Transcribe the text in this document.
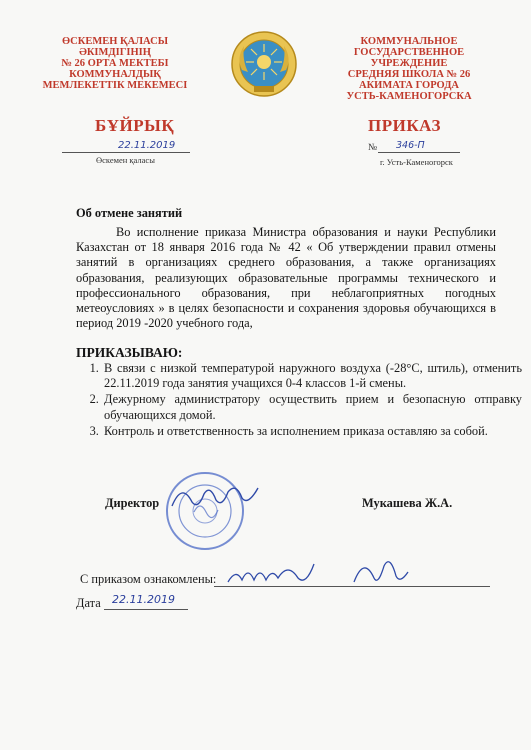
ӨСКЕМЕН ҚАЛАСЫ
ӘКІМДІГІНІҢ
№ 26 ОРТА МЕКТЕБІ
КОММУНАЛДЫҚ
МЕМЛЕКЕТТІК МЕКЕМЕСІ
КОММУНАЛЬНОЕ
ГОСУДАРСТВЕННОЕ УЧРЕЖДЕНИЕ
СРЕДНЯЯ ШКОЛА № 26
АКИМАТА ГОРОДА
УСТЬ-КАМЕНОГОРСКА
БҰЙРЫҚ	ПРИКАЗ
22.11.2019
Өскемен қаласы
№ 346-П
г. Усть-Каменогорск
Об отмене занятий
Во исполнение приказа Министра образования и науки Республики Казахстан от 18 января 2016 года № 42 « Об утверждении правил отмены занятий в организациях среднего образования, а также организациях образования, реализующих образовательные программы технического и профессионального образования, при неблагоприятных погодных метеоусловиях » в целях безопасности и сохранения здоровья обучающихся в период 2019 -2020 учебного года,
ПРИКАЗЫВАЮ:
1. В связи с низкой температурой наружного воздуха (-28°С, штиль), отменить 22.11.2019 года занятия учащихся 0-4 классов 1-й смены.
2. Дежурному администратору осуществить прием и безопасную отправку обучающихся домой.
3. Контроль и ответственность за исполнением приказа оставляю за собой.
Директор	Мукашева Ж.А.
С приказом ознакомлены:
Дата 22.11.2019
